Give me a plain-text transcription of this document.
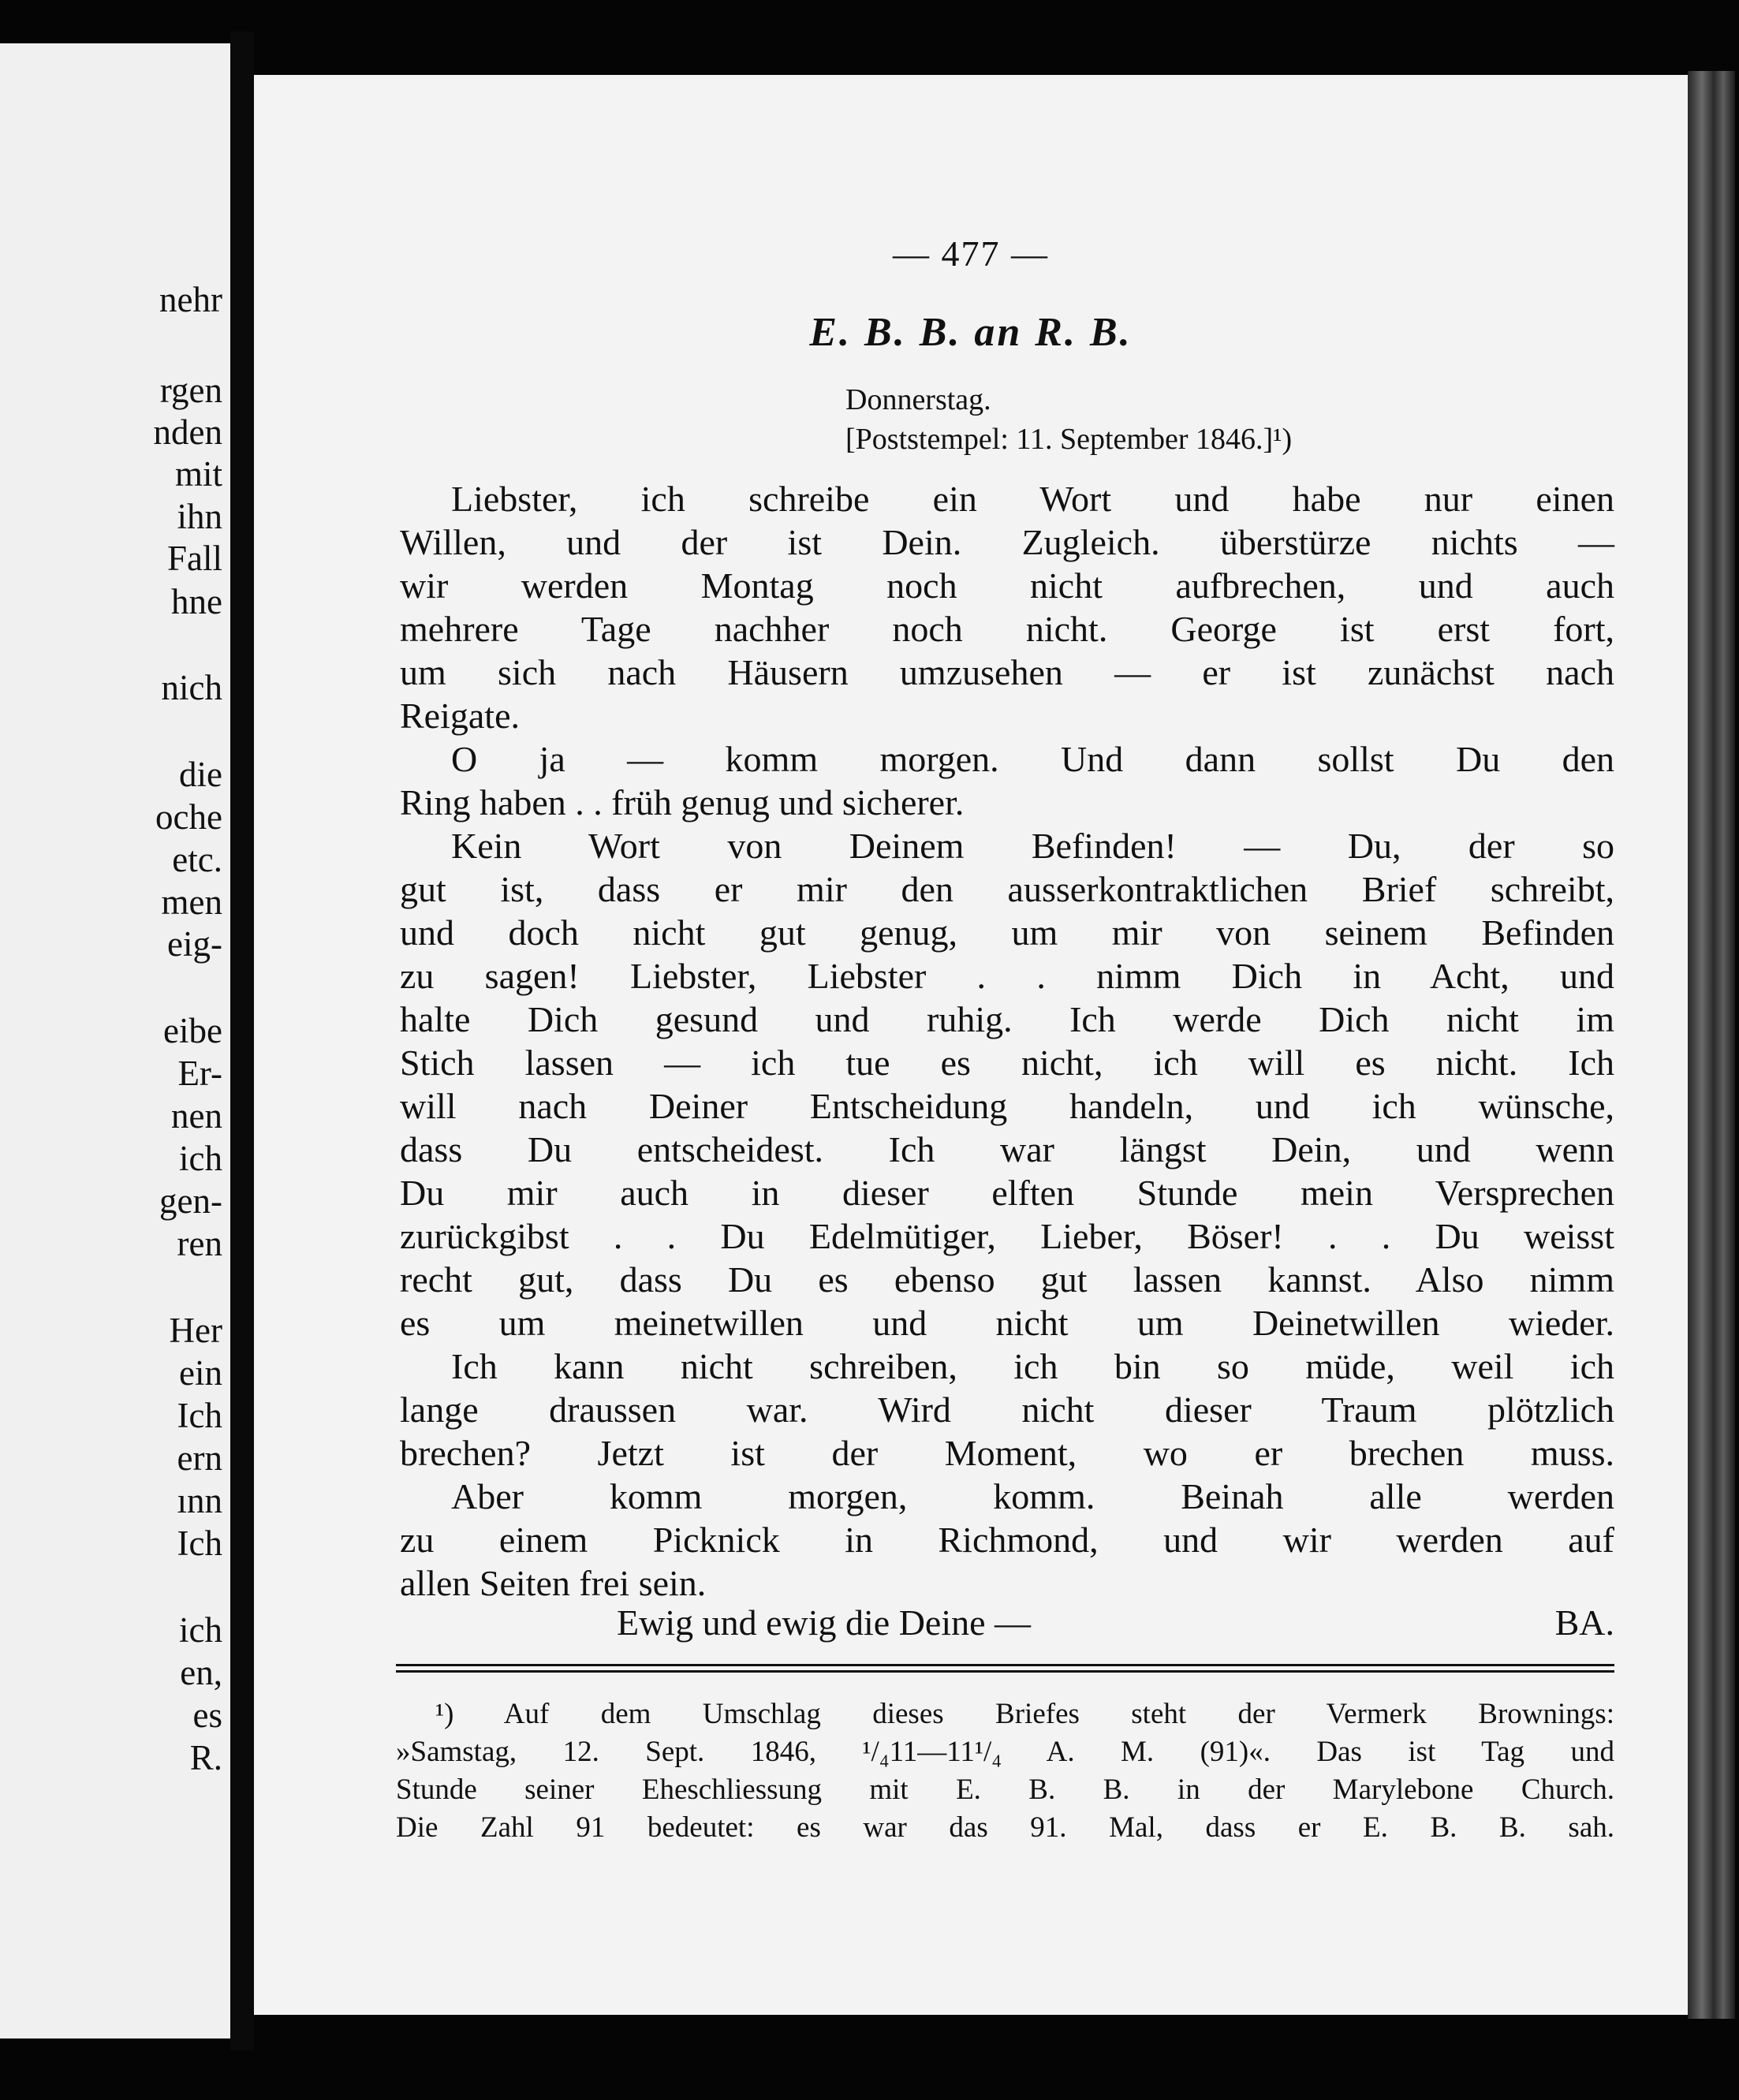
nehr
rgen
nden
mit
ihn
Fall
hne
nich
die
oche
etc.
men
eig-
eibe
Er-
nen
ich
gen-
ren
Her
ein
Ich
ern
ınn
Ich
ich
en,
es
R.
— 477 —
E. B. B. an R. B.
Donnerstag.
[Poststempel: 11. September 1846.]¹)
Liebster, ich schreibe ein Wort und habe nur einen
Willen, und der ist Dein. Zugleich. überstürze nichts —
wir werden Montag noch nicht aufbrechen, und auch
mehrere Tage nachher noch nicht. George ist erst fort,
um sich nach Häusern umzusehen — er ist zunächst nach
Reigate.
O ja — komm morgen. Und dann sollst Du den
Ring haben . . früh genug und sicherer.
Kein Wort von Deinem Befinden! — Du, der so
gut ist, dass er mir den ausserkontraktlichen Brief schreibt,
und doch nicht gut genug, um mir von seinem Befinden
zu sagen! Liebster, Liebster . . nimm Dich in Acht, und
halte Dich gesund und ruhig. Ich werde Dich nicht im
Stich lassen — ich tue es nicht, ich will es nicht. Ich
will nach Deiner Entscheidung handeln, und ich wünsche,
dass Du entscheidest. Ich war längst Dein, und wenn
Du mir auch in dieser elften Stunde mein Versprechen
zurückgibst . . Du Edelmütiger, Lieber, Böser! . . Du weisst
recht gut, dass Du es ebenso gut lassen kannst. Also nimm
es um meinetwillen und nicht um Deinetwillen wieder.
Ich kann nicht schreiben, ich bin so müde, weil ich
lange draussen war. Wird nicht dieser Traum plötzlich
brechen? Jetzt ist der Moment, wo er brechen muss.
Aber komm morgen, komm. Beinah alle werden
zu einem Picknick in Richmond, und wir werden auf
allen Seiten frei sein.
Ewig und ewig die Deine —	BA.
¹) Auf dem Umschlag dieses Briefes steht der Vermerk Brownings:
»Samstag, 12. Sept. 1846, ¹/₄11—11¹/₄ A. M. (91)«. Das ist Tag und
Stunde seiner Eheschliessung mit E. B. B. in der Marylebone Church.
Die Zahl 91 bedeutet: es war das 91. Mal, dass er E. B. B. sah.
